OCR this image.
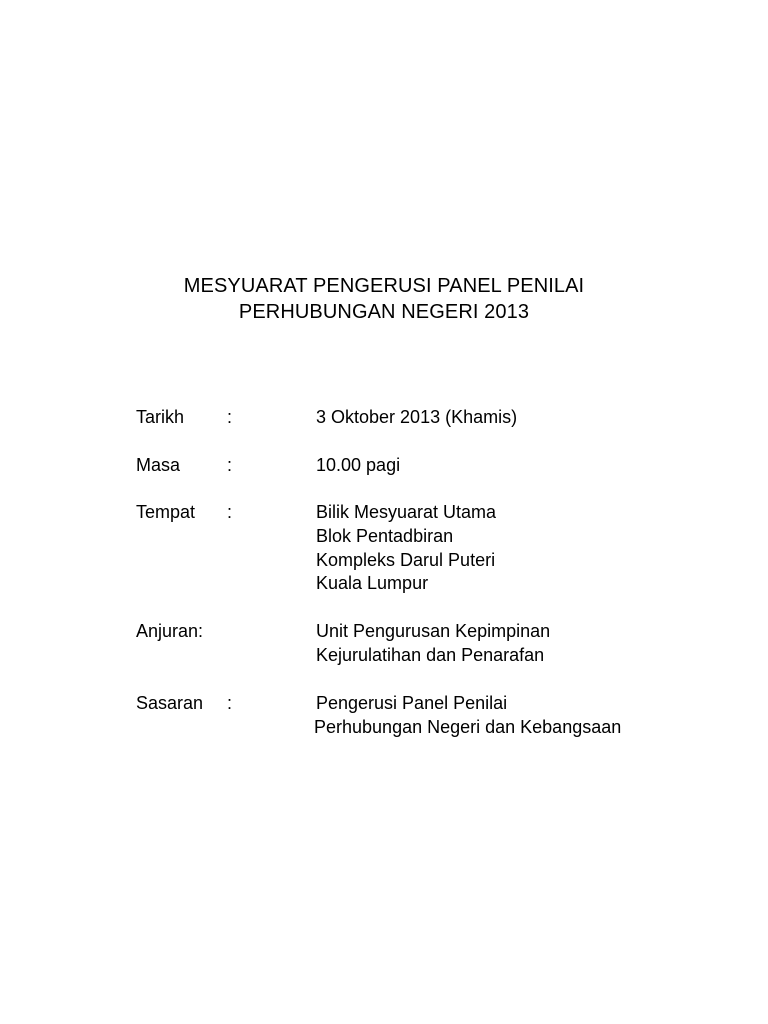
MESYUARAT PENGERUSI PANEL PENILAI
PERHUBUNGAN NEGERI 2013
Tarikh :	3 Oktober 2013 (Khamis)
Masa	:	10.00 pagi
Tempat :	Bilik Mesyuarat Utama
Blok Pentadbiran
Kompleks Darul Puteri
Kuala Lumpur
Anjuran:	Unit Pengurusan Kepimpinan
Kejurulatihan dan Penarafan
Sasaran :	Pengerusi Panel Penilai
Perhubungan Negeri dan Kebangsaan
